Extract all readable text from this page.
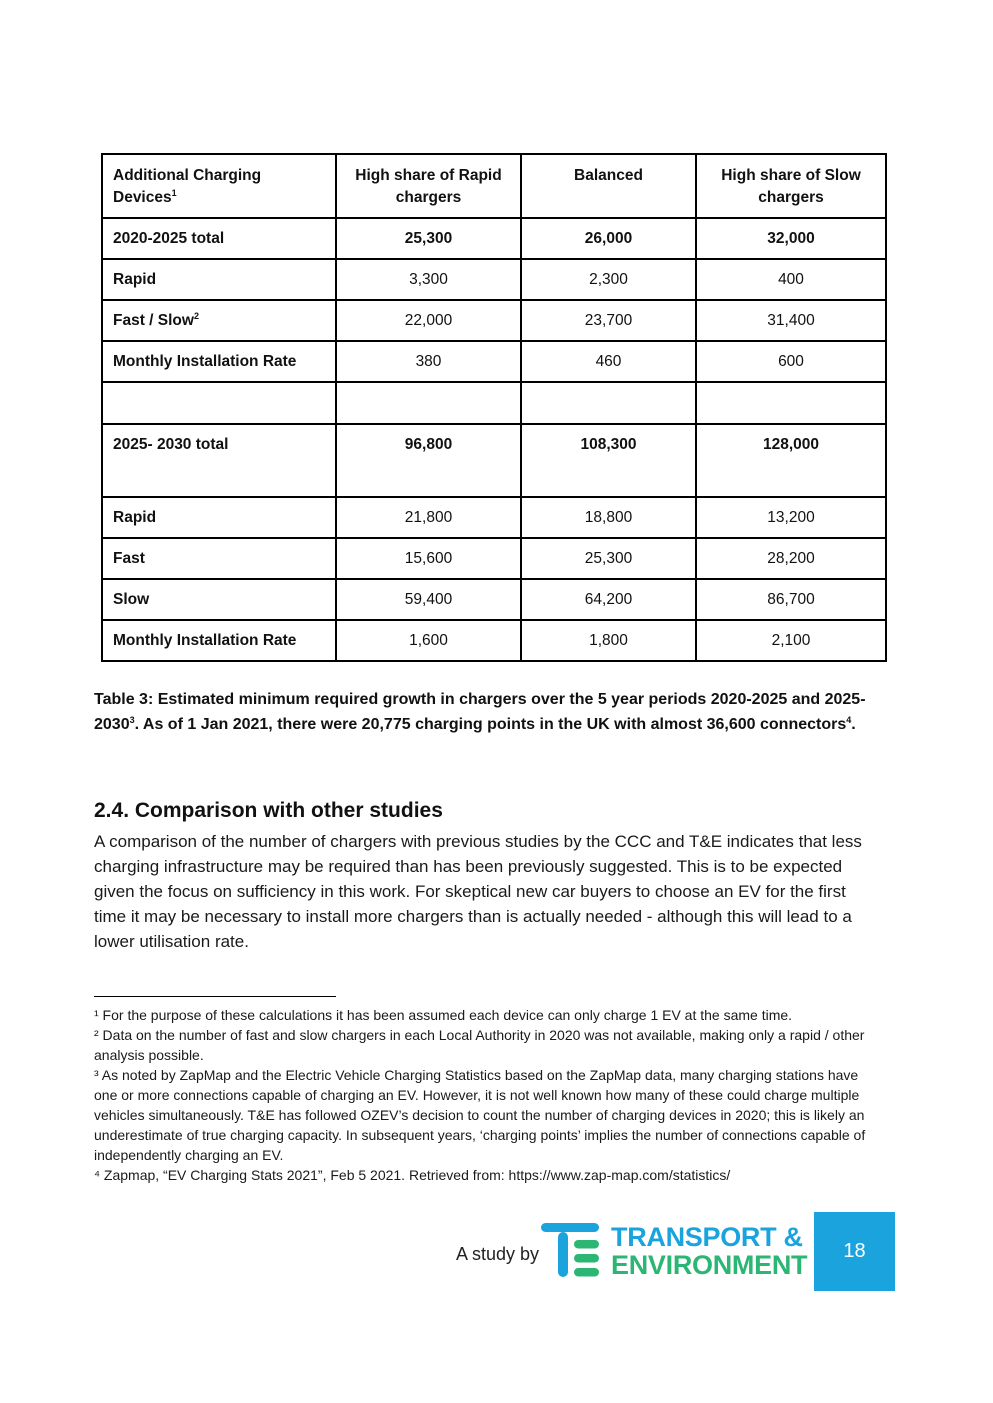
Additional Charging Devices$^1$	High share of Rapid chargers	Balanced	High share of Slow chargers
2020-2025 total	25,300	26,000	32,000
Rapid	3,300	2,300	400
Fast / Slow$^2$	22,000	23,700	31,400
Monthly Installation Rate	380	460	600

2025- 2030 total	96,800	108,300	128,000
Rapid	21,800	18,800	13,200
Fast	15,600	25,300	28,200
Slow	59,400	64,200	86,700
Monthly Installation Rate	1,600	1,800	2,100
Table 3: Estimated minimum required growth in chargers over the 5 year periods 2020-2025 and 2025-2030$^3$. As of 1 Jan 2021, there were 20,775 charging points in the UK with almost 36,600 connectors$^4$.
2.4. Comparison with other studies

A comparison of the number of chargers with previous studies by the CCC and T&E indicates that less charging infrastructure may be required than has been previously suggested. This is to be expected given the focus on sufficiency in this work. For skeptical new car buyers to choose an EV for the first time it may be necessary to install more chargers than is actually needed - although this will lead to a lower utilisation rate.

¹ For the purpose of these calculations it has been assumed each device can only charge 1 EV at the same time.

² Data on the number of fast and slow chargers in each Local Authority in 2020 was not available, making only a rapid / other analysis possible.

³ As noted by ZapMap and the Electric Vehicle Charging Statistics based on the ZapMap data, many charging stations have one or more connections capable of charging an EV. However, it is not well known how many of these could charge multiple vehicles simultaneously. T&E has followed OZEV’s decision to count the number of charging devices in 2020; this is likely an underestimate of true charging capacity. In subsequent years, ‘charging points’ implies the number of connections capable of independently charging an EV.

⁴ Zapmap, “EV Charging Stats 2021”, Feb 5 2021. Retrieved from: https://www.zap-map.com/statistics/

A study by
TRANSPORT &
ENVIRONMENT	18
